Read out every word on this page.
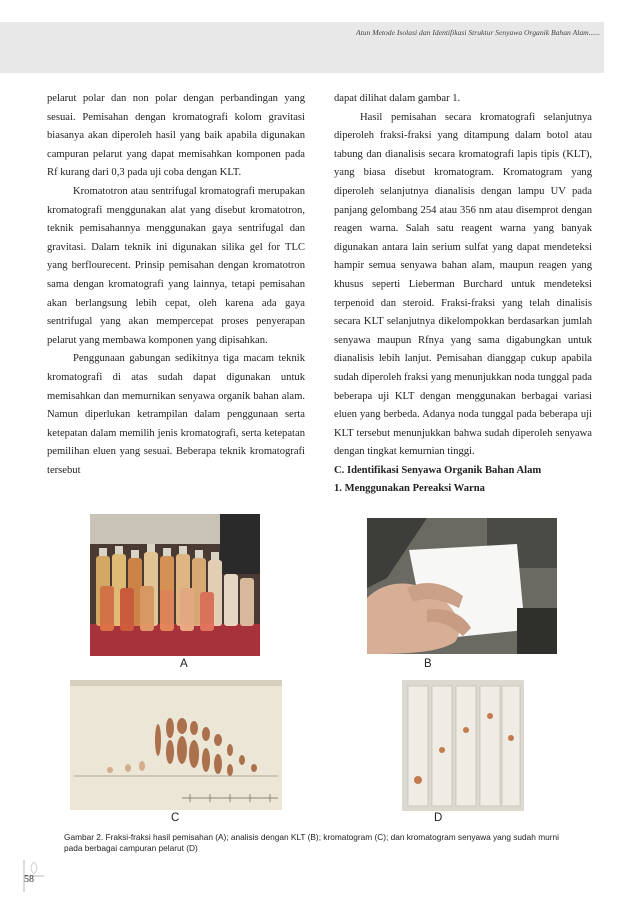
Atun Metode Isolasi dan Identifikasi Struktur Senyawa Organik Bahan Alam......

pelarut polar dan non polar dengan perbandingan yang sesuai. Pemisahan dengan kromatografi kolom gravitasi biasanya akan diperoleh hasil yang baik apabila digunakan campuran pelarut yang dapat memisahkan komponen pada Rf kurang dari 0,3 pada uji coba dengan KLT.

Kromatotron atau sentrifugal kromatografi merupakan kromatografi menggunakan alat yang disebut kromatotron, teknik pemisahannya menggunakan gaya sentrifugal dan gravitasi. Dalam teknik ini digunakan silika gel for TLC yang berflourecent. Prinsip pemisahan dengan kromatotron sama dengan kromatografi yang lainnya, tetapi pemisahan akan berlangsung lebih cepat, oleh karena ada gaya sentrifugal yang akan mempercepat proses penyerapan pelarut yang membawa komponen yang dipisahkan.

Penggunaan gabungan sedikitnya tiga macam teknik kromatografi di atas sudah dapat digunakan untuk memisahkan dan memurnikan senyawa organik bahan alam. Namun diperlukan ketrampilan dalam penggunaan serta ketepatan dalam memilih jenis kromatografi, serta ketepatan pemilihan eluen yang sesuai. Beberapa teknik kromatografi tersebut

dapat dilihat dalam gambar 1.

Hasil pemisahan secara kromatografi selanjutnya diperoleh fraksi-fraksi yang ditampung dalam botol atau tabung dan dianalisis secara kromatografi lapis tipis (KLT), yang biasa disebut kromatogram. Kromatogram yang diperoleh selanjutnya dianalisis dengan lampu UV pada panjang gelombang 254 atau 356 nm atau disemprot dengan reagen warna. Salah satu reagent warna yang banyak digunakan antara lain serium sulfat yang dapat mendeteksi hampir semua senyawa bahan alam, maupun reagen yang khusus seperti Lieberman Burchard untuk mendeteksi terpenoid dan steroid. Fraksi-fraksi yang telah dinalisis secara KLT selanjutnya dikelompokkan berdasarkan jumlah senyawa maupun Rfnya yang sama digabungkan untuk dianalisis lebih lanjut. Pemisahan dianggap cukup apabila sudah diperoleh fraksi yang menunjukkan noda tunggal pada beberapa uji KLT dengan menggunakan berbagai variasi eluen yang berbeda. Adanya noda tunggal pada beberapa uji KLT tersebut menunjukkan bahwa sudah diperoleh senyawa dengan tingkat kemurnian tinggi.

C. Identifikasi Senyawa Organik Bahan Alam

1. Menggunakan Pereaksi Warna

A	B
C	D
Gambar 2. Fraksi-fraksi hasil pemisahan (A); analisis dengan KLT (B); kromatogram (C); dan kromatogram senyawa yang sudah murni pada berbagai campuran pelarut (D)
58
